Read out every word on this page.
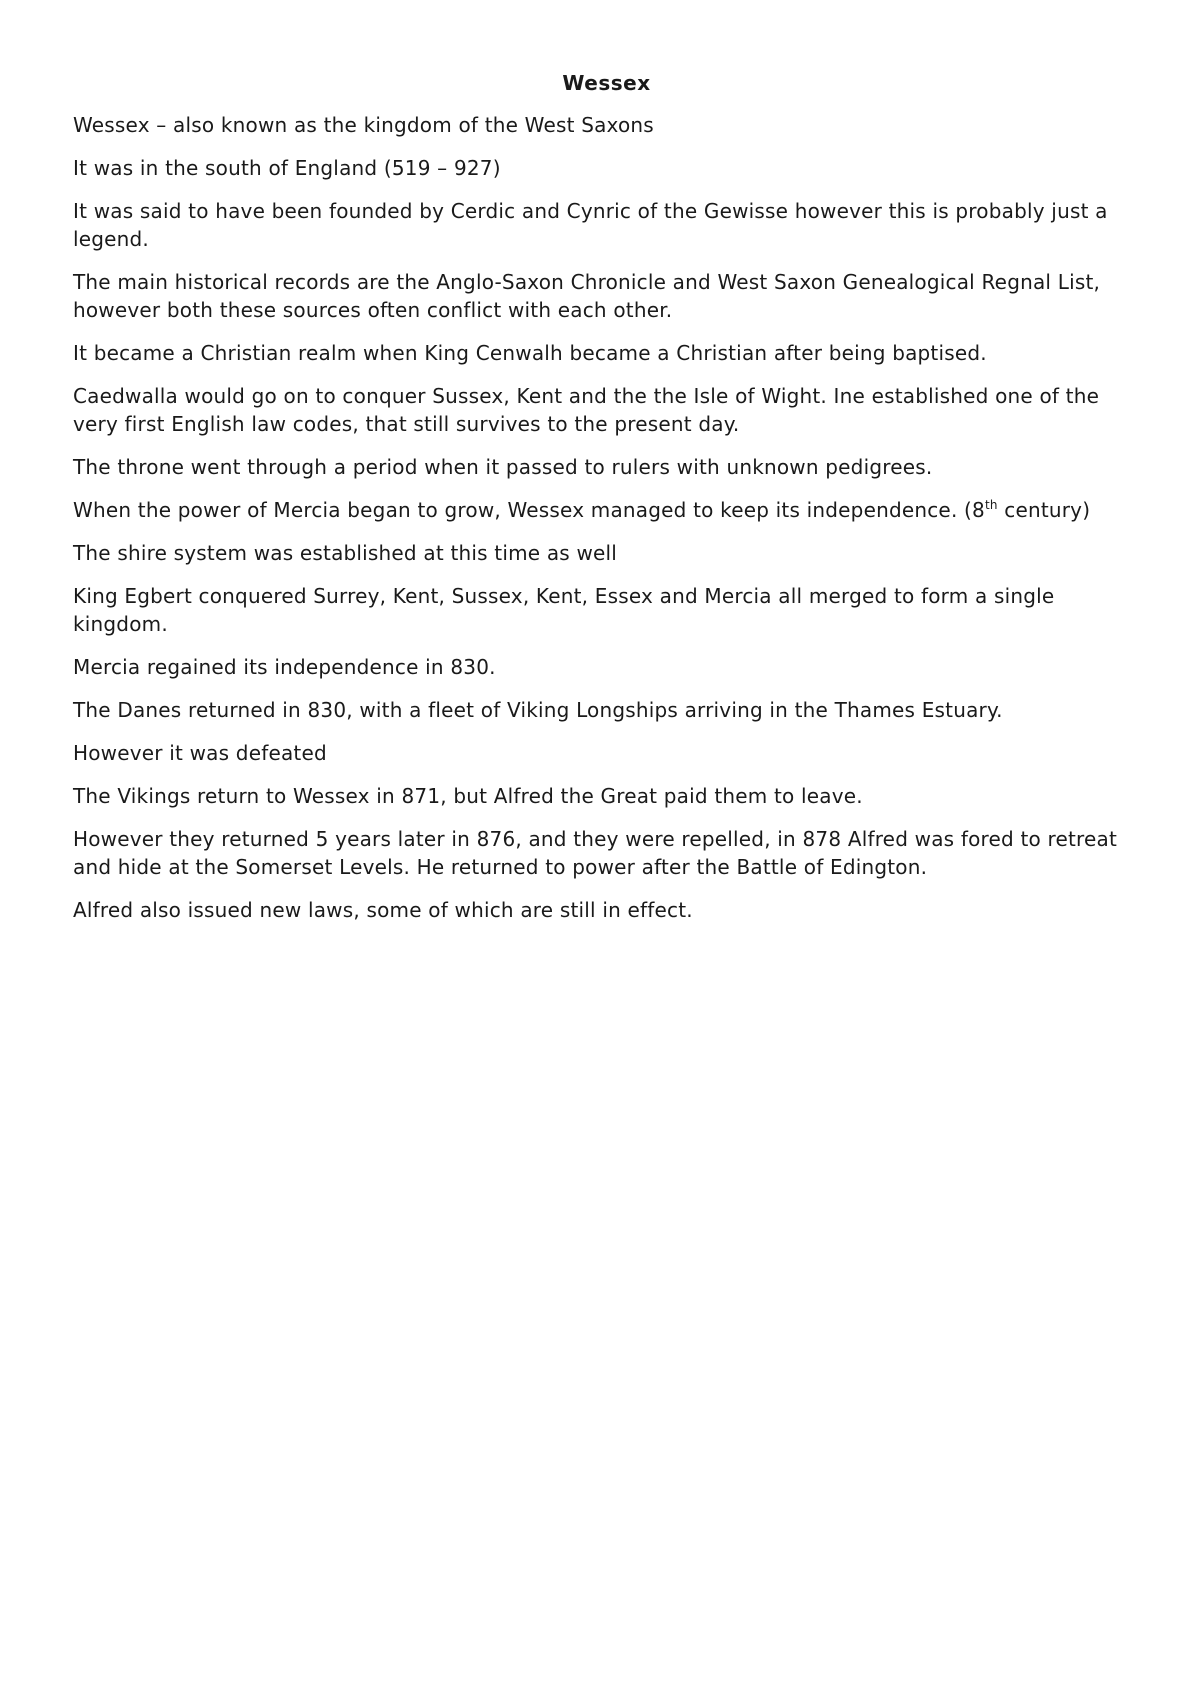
Wessex

Wessex – also known as the kingdom of the West Saxons

It was in the south of England (519 – 927)

It was said to have been founded by Cerdic and Cynric of the Gewisse however this is probably just a legend.

The main historical records are the Anglo-Saxon Chronicle and West Saxon Genealogical Regnal List, however both these sources often conflict with each other.

It became a Christian realm when King Cenwalh became a Christian after being baptised.

Caedwalla would go on to conquer Sussex, Kent and the the Isle of Wight. Ine established one of the very first English law codes, that still survives to the present day.

The throne went through a period when it passed to rulers with unknown pedigrees.

When the power of Mercia began to grow, Wessex managed to keep its independence. (8th century)

The shire system was established at this time as well

King Egbert conquered Surrey, Kent, Sussex, Kent, Essex and Mercia all merged to form a single kingdom.

Mercia regained its independence in 830.

The Danes returned in 830, with a fleet of Viking Longships arriving in the Thames Estuary.

However it was defeated

The Vikings return to Wessex in 871, but Alfred the Great paid them to leave.

However they returned 5 years later in 876, and they were repelled, in 878 Alfred was fored to retreat and hide at the Somerset Levels. He returned to power after the Battle of Edington.

Alfred also issued new laws, some of which are still in effect.
